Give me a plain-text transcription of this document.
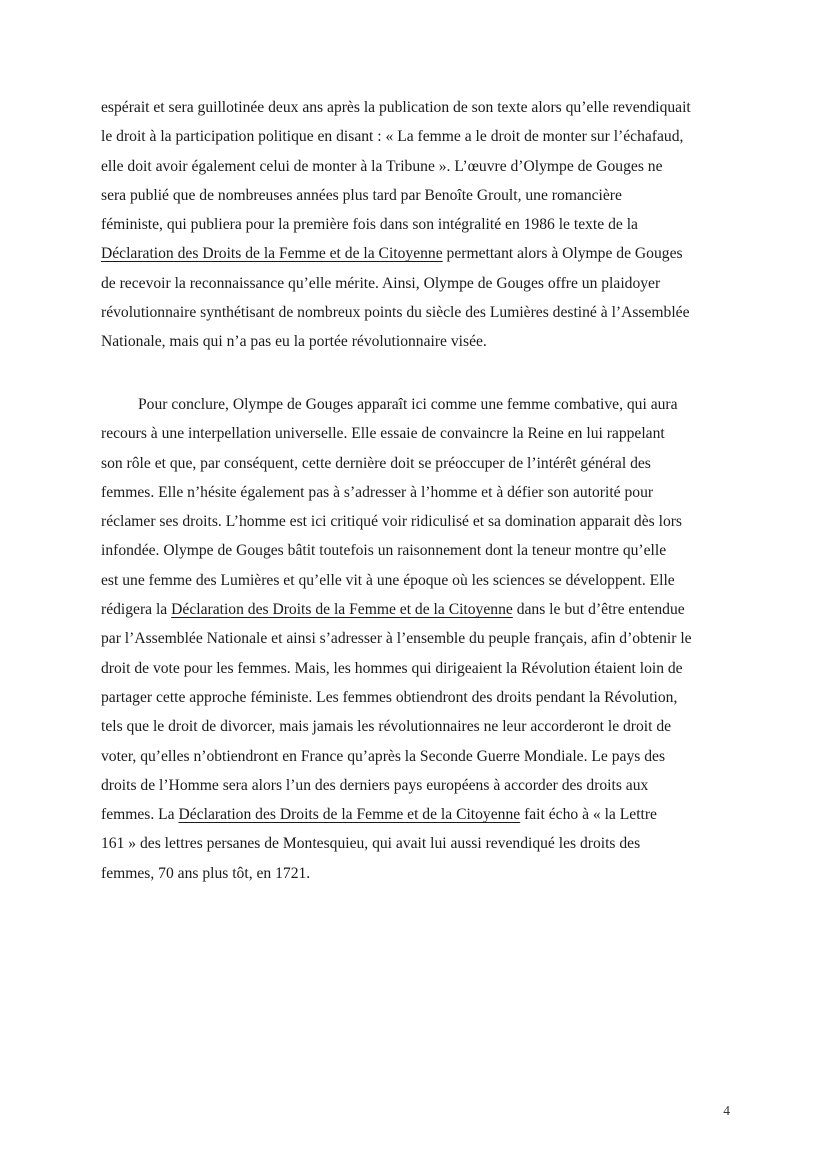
espérait et sera guillotinée deux ans après la publication de son texte alors qu’elle revendiquait
le droit à la participation politique en disant : « La femme a le droit de monter sur l’échafaud,
elle doit avoir également celui de monter à la Tribune ». L’œuvre d’Olympe de Gouges ne
sera publié que de nombreuses années plus tard par Benoîte Groult, une romancière
féministe, qui publiera pour la première fois dans son intégralité en 1986 le texte de la
Déclaration des Droits de la Femme et de la Citoyenne permettant alors à Olympe de Gouges
de recevoir la reconnaissance qu’elle mérite. Ainsi, Olympe de Gouges offre un plaidoyer
révolutionnaire synthétisant de nombreux points du siècle des Lumières destiné à l’Assemblée
Nationale, mais qui n’a pas eu la portée révolutionnaire visée.
Pour conclure, Olympe de Gouges apparaît ici comme une femme combative, qui aura
recours à une interpellation universelle. Elle essaie de convaincre la Reine en lui rappelant
son rôle et que, par conséquent, cette dernière doit se préoccuper de l’intérêt général des
femmes. Elle n’hésite également pas à s’adresser à l’homme et à défier son autorité pour
réclamer ses droits. L’homme est ici critiqué voir ridiculisé et sa domination apparait dès lors
infondée. Olympe de Gouges bâtit toutefois un raisonnement dont la teneur montre qu’elle
est une femme des Lumières et qu’elle vit à une époque où les sciences se développent. Elle
rédigera la Déclaration des Droits de la Femme et de la Citoyenne dans le but d’être entendue
par l’Assemblée Nationale et ainsi s’adresser à l’ensemble du peuple français, afin d’obtenir le
droit de vote pour les femmes. Mais, les hommes qui dirigeaient la Révolution étaient loin de
partager cette approche féministe. Les femmes obtiendront des droits pendant la Révolution,
tels que le droit de divorcer, mais jamais les révolutionnaires ne leur accorderont le droit de
voter, qu’elles n’obtiendront en France qu’après la Seconde Guerre Mondiale. Le pays des
droits de l’Homme sera alors l’un des derniers pays européens à accorder des droits aux
femmes. La Déclaration des Droits de la Femme et de la Citoyenne fait écho à « la Lettre
161 » des lettres persanes de Montesquieu, qui avait lui aussi revendiqué les droits des
femmes, 70 ans plus tôt, en 1721.
4
